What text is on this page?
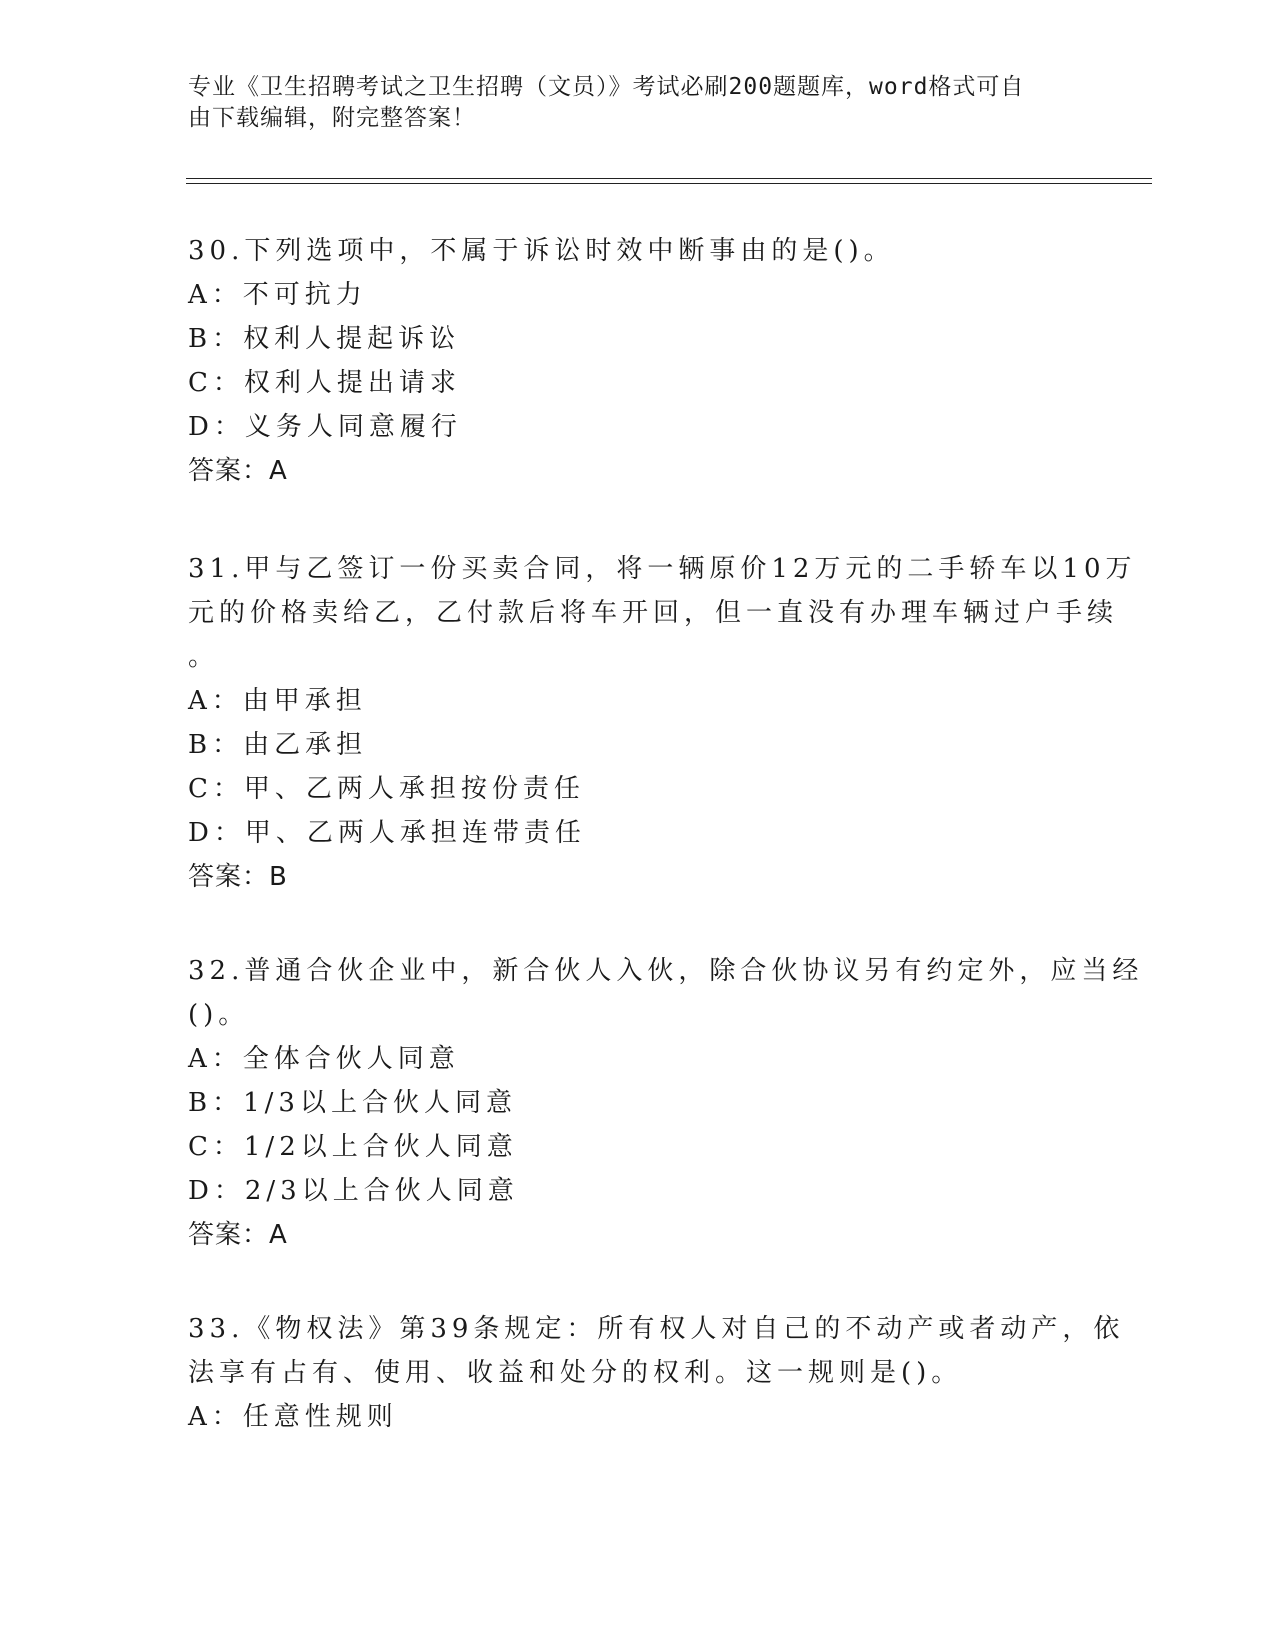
专业《卫生招聘考试之卫生招聘（文员）》考试必刷200题题库，word格式可自
由下载编辑，附完整答案！
30.下列选项中，不属于诉讼时效中断事由的是()。
A：不可抗力
B：权利人提起诉讼
C：权利人提出请求
D：义务人同意履行
答案：A
31.甲与乙签订一份买卖合同，将一辆原价12万元的二手轿车以10万
元的价格卖给乙，乙付款后将车开回，但一直没有办理车辆过户手续
。
A：由甲承担
B：由乙承担
C：甲、乙两人承担按份责任
D：甲、乙两人承担连带责任
答案：B
32.普通合伙企业中，新合伙人入伙，除合伙协议另有约定外，应当经
()。
A：全体合伙人同意
B：1/3以上合伙人同意
C：1/2以上合伙人同意
D：2/3以上合伙人同意
答案：A
33.《物权法》第39条规定：所有权人对自己的不动产或者动产，依
法享有占有、使用、收益和处分的权利。这一规则是()。
A：任意性规则
